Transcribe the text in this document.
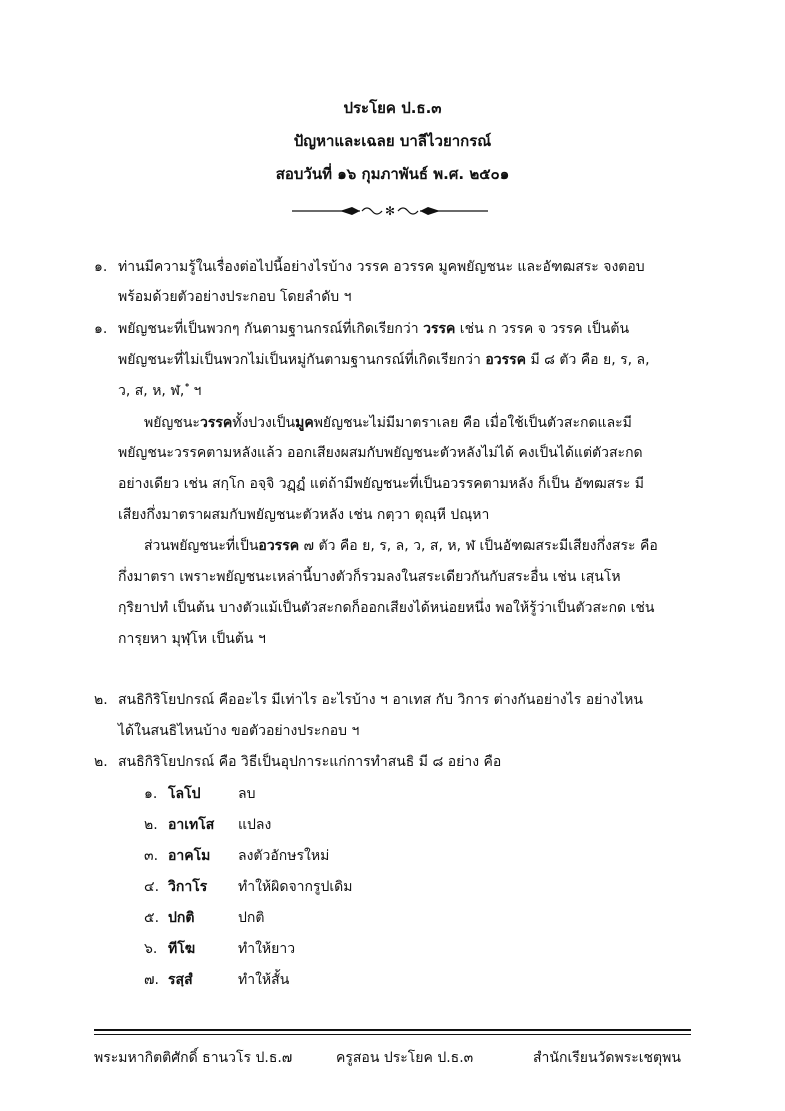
ประโยค ป.ธ.๓
ปัญหาและเฉลย บาลีไวยากรณ์
สอบวันที่ ๑๖ กุมภาพันธ์ พ.ศ. ๒๕๐๑
✻
๑. ท่านมีความรู้ในเรื่องต่อไปนี้อย่างไรบ้าง วรรค อวรรค มูคพยัญชนะ และอัฑฒสระ จงตอบ
พร้อมด้วยตัวอย่างประกอบ โดยลำดับ ฯ
๑. พยัญชนะที่เป็นพวกๆ กันตามฐานกรณ์ที่เกิดเรียกว่า วรรค เช่น ก วรรค จ วรรค เป็นต้น
พยัญชนะที่ไม่เป็นพวกไม่เป็นหมู่กันตามฐานกรณ์ที่เกิดเรียกว่า อวรรค มี ๘ ตัว คือ ย, ร, ล,
ว, ส, ห, ฬ, ํ ฯ
พยัญชนะวรรคทั้งปวงเป็นมูคพยัญชนะไม่มีมาตราเลย คือ เมื่อใช้เป็นตัวสะกดและมี
พยัญชนะวรรคตามหลังแล้ว ออกเสียงผสมกับพยัญชนะตัวหลังไม่ได้ คงเป็นได้แต่ตัวสะกด
อย่างเดียว เช่น สกฺโก อจฺจิ วฏฺฏํ แต่ถ้ามีพยัญชนะที่เป็นอวรรคตามหลัง ก็เป็น อัฑฒสระ มี
เสียงกึ่งมาตราผสมกับพยัญชนะตัวหลัง เช่น กตฺวา ตุณฺหี ปณฺหา
ส่วนพยัญชนะที่เป็นอวรรค ๗ ตัว คือ ย, ร, ล, ว, ส, ห, ฬ เป็นอัฑฒสระมีเสียงกึ่งสระ คือ
กึ่งมาตรา เพราะพยัญชนะเหล่านี้บางตัวก็รวมลงในสระเดียวกันกับสระอื่น เช่น เสฺนโห
กฺริยาปทํ เป็นต้น บางตัวแม้เป็นตัวสะกดก็ออกเสียงได้หน่อยหนึ่ง พอให้รู้ว่าเป็นตัวสะกด เช่น
การฺยหา มุฬฺโห เป็นต้น ฯ
๒. สนธิกิริโยปกรณ์ คืออะไร มีเท่าไร อะไรบ้าง ฯ อาเทส กับ วิการ ต่างกันอย่างไร อย่างไหน
ได้ในสนธิไหนบ้าง ขอตัวอย่างประกอบ ฯ
๒. สนธิกิริโยปกรณ์ คือ วิธีเป็นอุปการะแก่การทำสนธิ มี ๘ อย่าง คือ
๑. โลโป	ลบ
๒. อาเทโส แปลง
๓. อาคโม ลงตัวอักษรใหม่
๔. วิกาโร ทำให้ผิดจากรูปเดิม
๕. ปกติ	ปกติ
๖. ทีโฆ	ทำให้ยาว
๗. รสฺสํ	ทำให้สั้น
พระมหากิตติศักดิ์ ธานวโร ป.ธ.๗	ครูสอน ประโยค ป.ธ.๓	สำนักเรียนวัดพระเชตุพน
